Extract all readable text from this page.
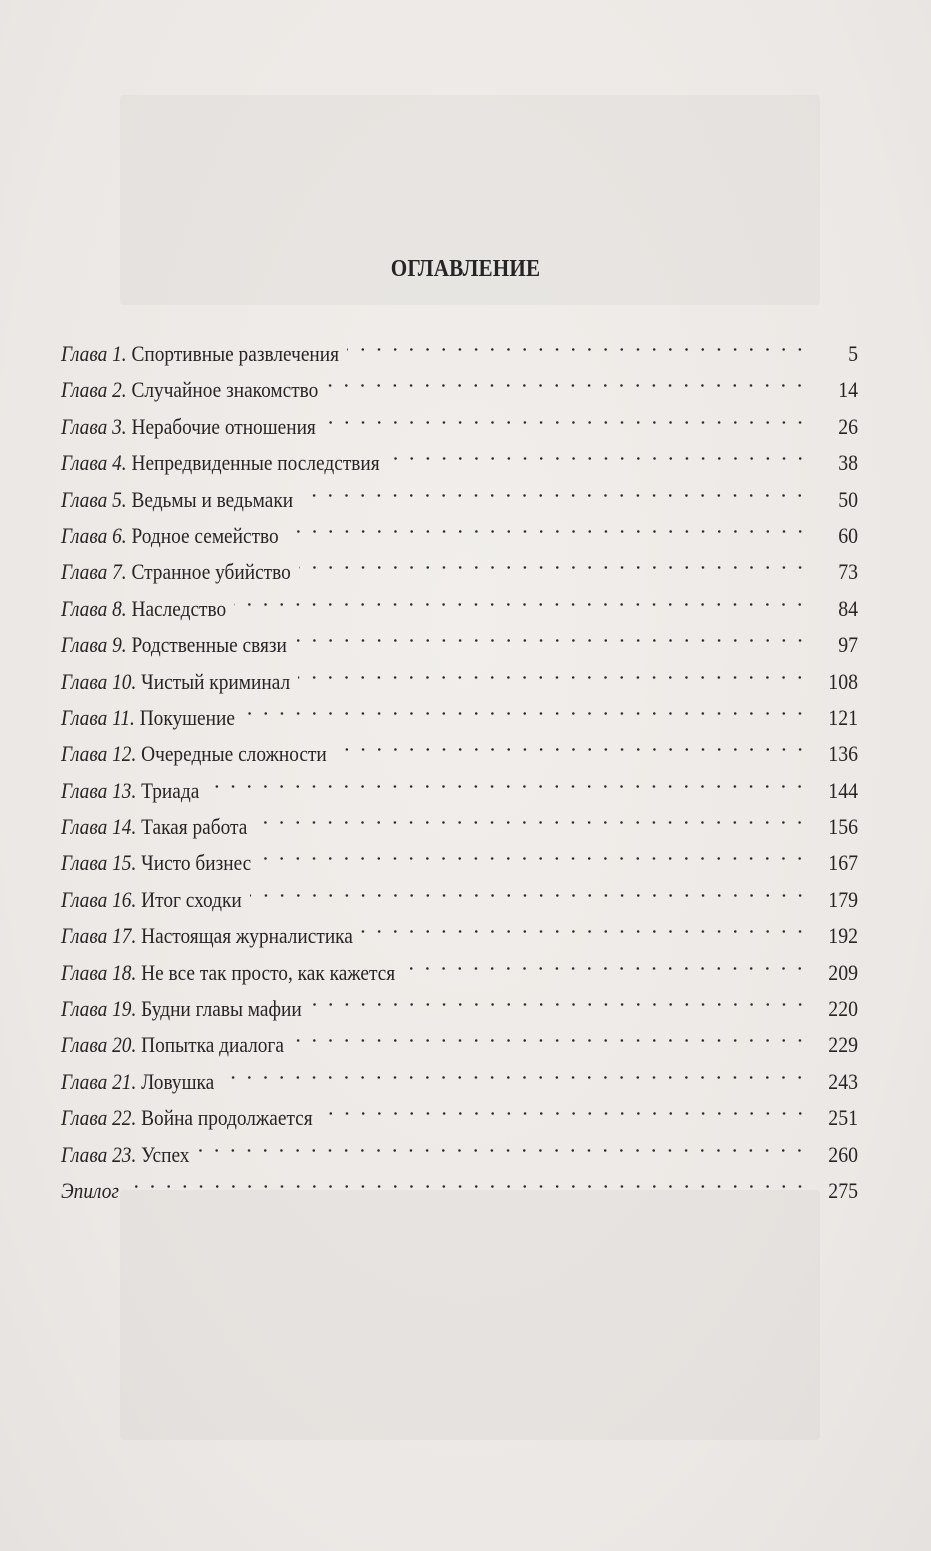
ОГЛАВЛЕНИЕ
Глава 1. Спортивные развлечения	5
Глава 2. Случайное знакомство	14
Глава 3. Нерабочие отношения	26
Глава 4. Непредвиденные последствия	38
Глава 5. Ведьмы и ведьмаки	50
Глава 6. Родное семейство	60
Глава 7. Странное убийство	73
Глава 8. Наследство	84
Глава 9. Родственные связи	97
Глава 10. Чистый криминал	108
Глава 11. Покушение	121
Глава 12. Очередные сложности	136
Глава 13. Триада	144
Глава 14. Такая работа	156
Глава 15. Чисто бизнес	167
Глава 16. Итог сходки	179
Глава 17. Настоящая журналистика	192
Глава 18. Не все так просто, как кажется	209
Глава 19. Будни главы мафии	220
Глава 20. Попытка диалога	229
Глава 21. Ловушка	243
Глава 22. Война продолжается	251
Глава 23. Успех	260
Эпилог	275
